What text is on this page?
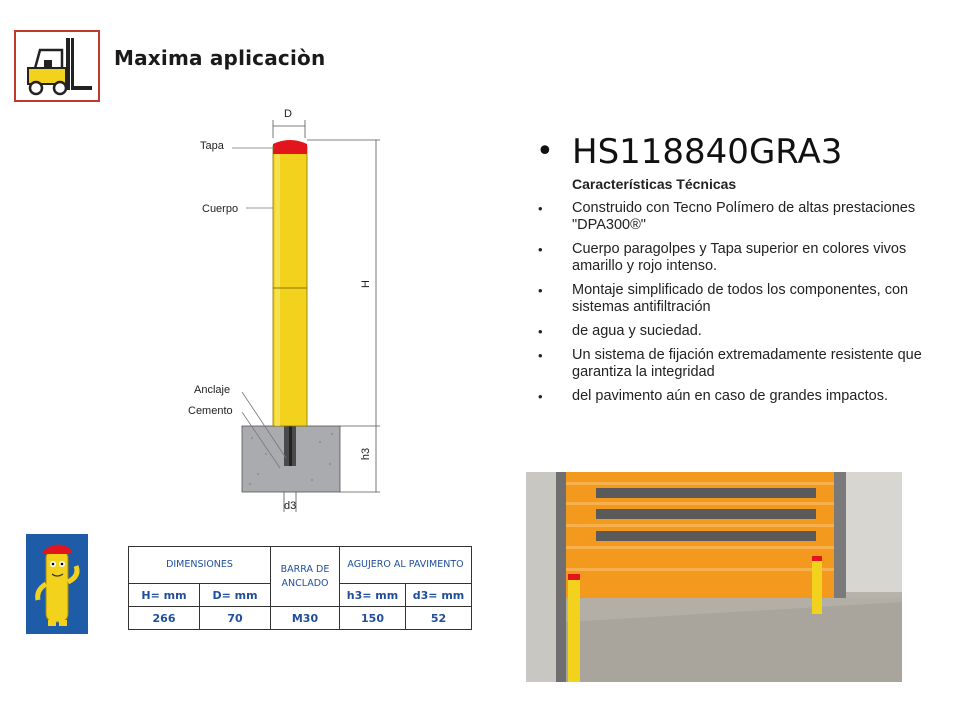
Maxima aplicaciòn
D
Tapa
Cuerpo
H
Anclaje
Cemento
h3
d3
• HS118840GRA3
Características Técnicas
• Construido con Tecno Polímero de altas prestaciones "DPA300®"
• Cuerpo paragolpes y Tapa superior en colores vivos amarillo y rojo intenso.
• Montaje simplificado de todos los componentes, con sistemas antifiltración
• de agua y suciedad.
• Un sistema de fijación extremadamente resistente que garantiza la integridad
• del pavimento aún en caso de grandes impactos.
DIMENSIONES		BARRA DE ANCLADO	AGUJERO AL PAVIMENTO	
H= mm	D= mm		h3= mm	d3= mm
266	70	M30	150	52
